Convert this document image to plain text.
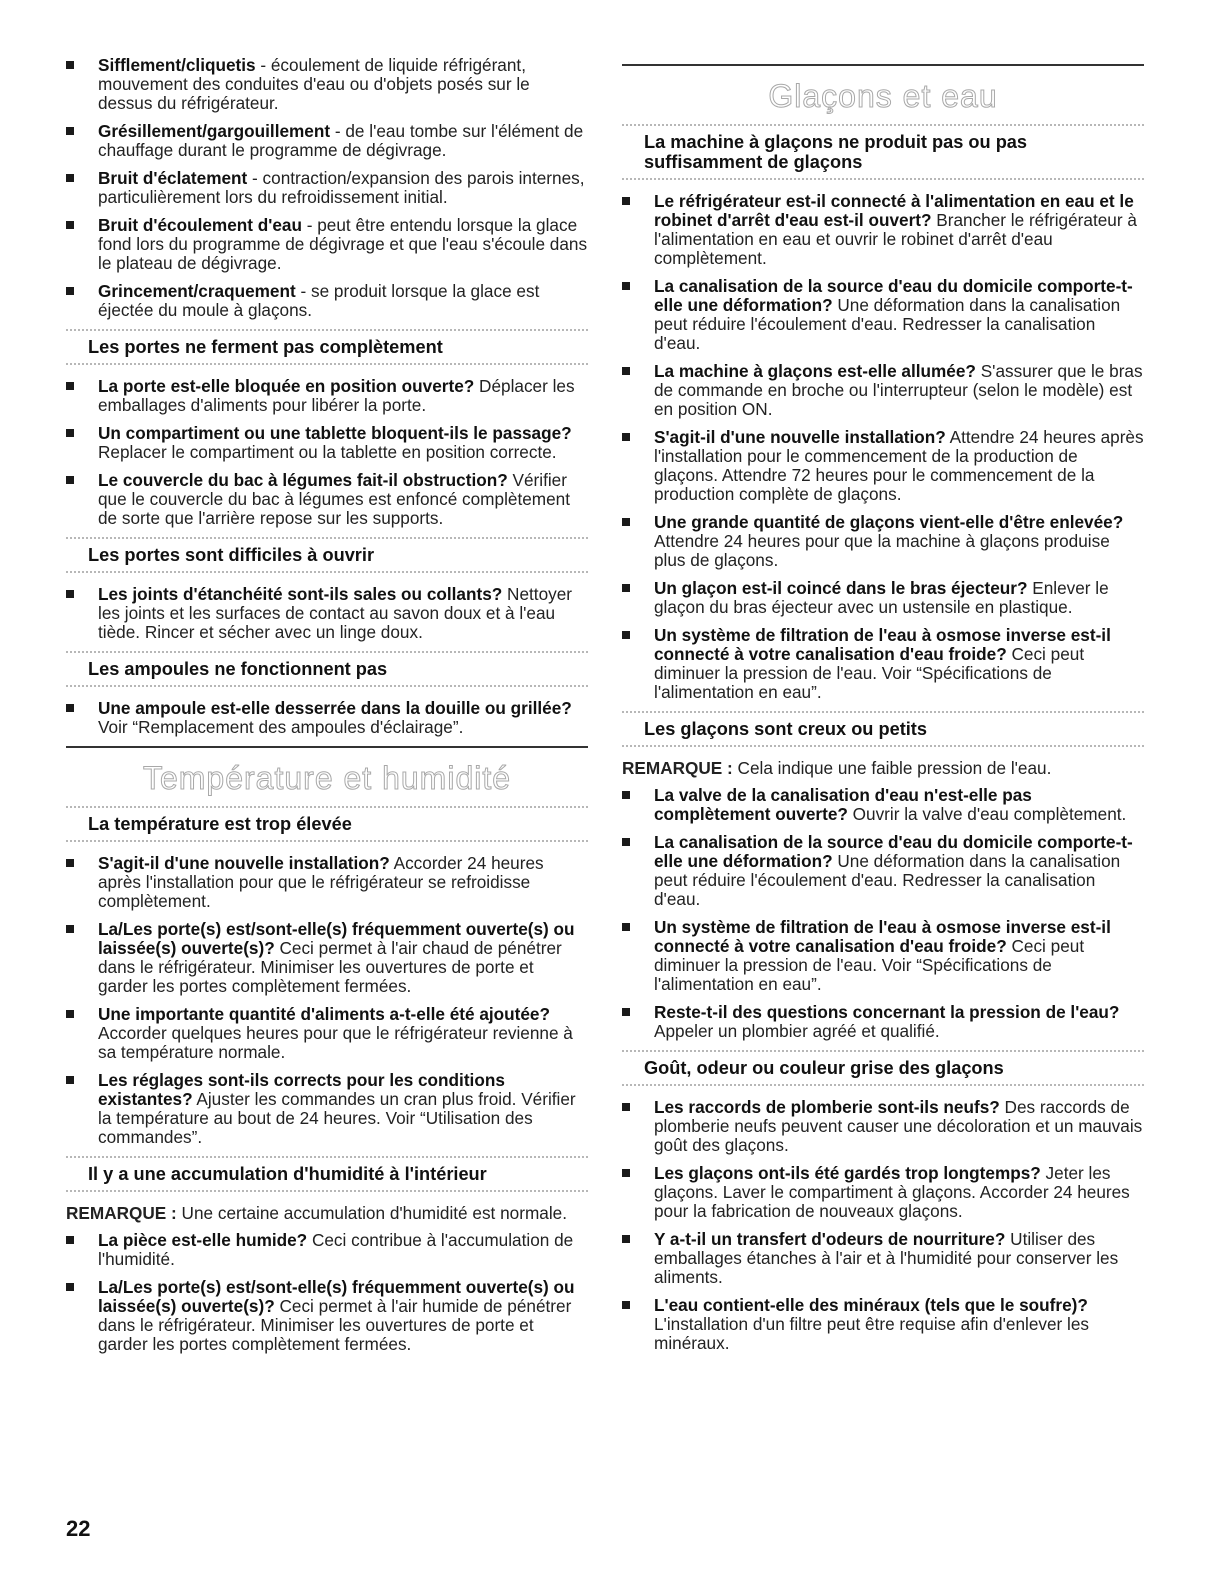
Sifflement/cliquetis - écoulement de liquide réfrigérant, mouvement des conduites d'eau ou d'objets posés sur le dessus du réfrigérateur.
Grésillement/gargouillement - de l'eau tombe sur l'élément de chauffage durant le programme de dégivrage.
Bruit d'éclatement - contraction/expansion des parois internes, particulièrement lors du refroidissement initial.
Bruit d'écoulement d'eau - peut être entendu lorsque la glace fond lors du programme de dégivrage et que l'eau s'écoule dans le plateau de dégivrage.
Grincement/craquement - se produit lorsque la glace est éjectée du moule à glaçons.
Les portes ne ferment pas complètement
La porte est-elle bloquée en position ouverte? Déplacer les emballages d'aliments pour libérer la porte.
Un compartiment ou une tablette bloquent-ils le passage? Replacer le compartiment ou la tablette en position correcte.
Le couvercle du bac à légumes fait-il obstruction? Vérifier que le couvercle du bac à légumes est enfoncé complètement de sorte que l'arrière repose sur les supports.
Les portes sont difficiles à ouvrir
Les joints d'étanchéité sont-ils sales ou collants? Nettoyer les joints et les surfaces de contact au savon doux et à l'eau tiède. Rincer et sécher avec un linge doux.
Les ampoules ne fonctionnent pas
Une ampoule est-elle desserrée dans la douille ou grillée? Voir “Remplacement des ampoules d'éclairage”.
Température et humidité
La température est trop élevée
S'agit-il d'une nouvelle installation? Accorder 24 heures après l'installation pour que le réfrigérateur se refroidisse complètement.
La/Les porte(s) est/sont-elle(s) fréquemment ouverte(s) ou laissée(s) ouverte(s)? Ceci permet à l'air chaud de pénétrer dans le réfrigérateur. Minimiser les ouvertures de porte et garder les portes complètement fermées.
Une importante quantité d'aliments a-t-elle été ajoutée? Accorder quelques heures pour que le réfrigérateur revienne à sa température normale.
Les réglages sont-ils corrects pour les conditions existantes? Ajuster les commandes un cran plus froid. Vérifier la température au bout de 24 heures. Voir “Utilisation des commandes”.
Il y a une accumulation d'humidité à l'intérieur
REMARQUE : Une certaine accumulation d'humidité est normale.
La pièce est-elle humide? Ceci contribue à l'accumulation de l'humidité.
La/Les porte(s) est/sont-elle(s) fréquemment ouverte(s) ou laissée(s) ouverte(s)? Ceci permet à l'air humide de pénétrer dans le réfrigérateur. Minimiser les ouvertures de porte et garder les portes complètement fermées.
Glaçons et eau
La machine à glaçons ne produit pas ou pas suffisamment de glaçons
Le réfrigérateur est-il connecté à l'alimentation en eau et le robinet d'arrêt d'eau est-il ouvert? Brancher le réfrigérateur à l'alimentation en eau et ouvrir le robinet d'arrêt d'eau complètement.
La canalisation de la source d'eau du domicile comporte-t-elle une déformation? Une déformation dans la canalisation peut réduire l'écoulement d'eau. Redresser la canalisation d'eau.
La machine à glaçons est-elle allumée? S'assurer que le bras de commande en broche ou l'interrupteur (selon le modèle) est en position ON.
S'agit-il d'une nouvelle installation? Attendre 24 heures après l'installation pour le commencement de la production de glaçons. Attendre 72 heures pour le commencement de la production complète de glaçons.
Une grande quantité de glaçons vient-elle d'être enlevée? Attendre 24 heures pour que la machine à glaçons produise plus de glaçons.
Un glaçon est-il coincé dans le bras éjecteur? Enlever le glaçon du bras éjecteur avec un ustensile en plastique.
Un système de filtration de l'eau à osmose inverse est-il connecté à votre canalisation d'eau froide? Ceci peut diminuer la pression de l'eau. Voir “Spécifications de l'alimentation en eau”.
Les glaçons sont creux ou petits
REMARQUE : Cela indique une faible pression de l'eau.
La valve de la canalisation d'eau n'est-elle pas complètement ouverte? Ouvrir la valve d'eau complètement.
La canalisation de la source d'eau du domicile comporte-t-elle une déformation? Une déformation dans la canalisation peut réduire l'écoulement d'eau. Redresser la canalisation d'eau.
Un système de filtration de l'eau à osmose inverse est-il connecté à votre canalisation d'eau froide? Ceci peut diminuer la pression de l'eau. Voir “Spécifications de l'alimentation en eau”.
Reste-t-il des questions concernant la pression de l'eau? Appeler un plombier agréé et qualifié.
Goût, odeur ou couleur grise des glaçons
Les raccords de plomberie sont-ils neufs? Des raccords de plomberie neufs peuvent causer une décoloration et un mauvais goût des glaçons.
Les glaçons ont-ils été gardés trop longtemps? Jeter les glaçons. Laver le compartiment à glaçons. Accorder 24 heures pour la fabrication de nouveaux glaçons.
Y a-t-il un transfert d'odeurs de nourriture? Utiliser des emballages étanches à l'air et à l'humidité pour conserver les aliments.
L'eau contient-elle des minéraux (tels que le soufre)? L'installation d'un filtre peut être requise afin d'enlever les minéraux.
22
